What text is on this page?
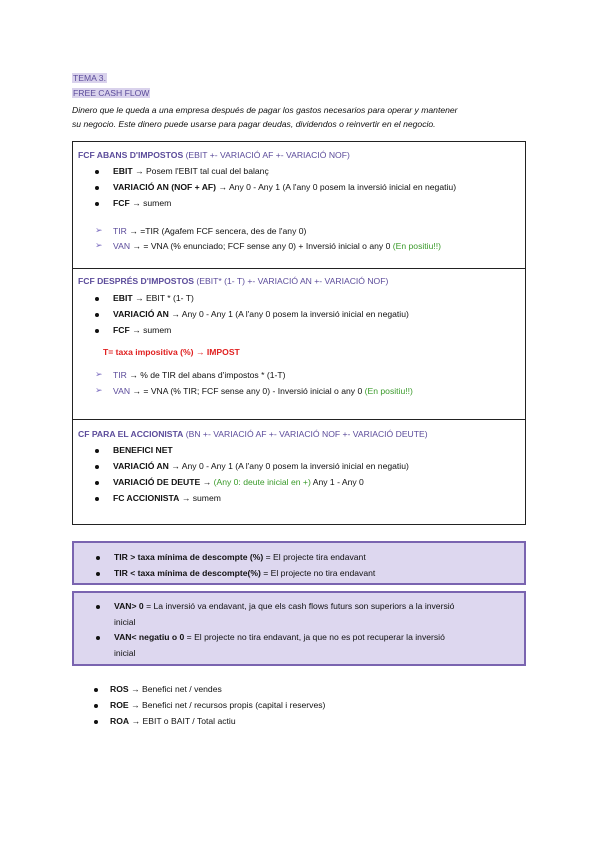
TEMA 3.
FREE CASH FLOW
Dinero que le queda a una empresa después de pagar los gastos necesarios para operar y mantener
su negocio. Este dinero puede usarse para pagar deudas, dividendos o reinvertir en el negocio.
FCF ABANS D'IMPOSTOS (EBIT +- VARIACIÓ AF +- VARIACIÓ NOF)
EBIT → Posem l'EBIT tal cual del balanç
VARIACIÓ AN (NOF + AF) → Any 0 - Any 1 (A l'any 0 posem la inversió inicial en negatiu)
FCF → sumem
➢ TIR → =TIR (Agafem FCF sencera, des de l'any 0)
➢ VAN → = VNA (% enunciado; FCF sense any 0) + Inversió inicial o any 0 (En positiu!!)
FCF DESPRÉS D'IMPOSTOS (EBIT* (1- T) +- VARIACIÓ AN +- VARIACIÓ NOF)
EBIT → EBIT * (1- T)
VARIACIÓ AN → Any 0 - Any 1 (A l'any 0 posem la inversió inicial en negatiu)
FCF → sumem
T= taxa impositiva (%) → IMPOST
➢ TIR → % de TIR del abans d'impostos * (1-T)
➢ VAN → = VNA (% TIR; FCF sense any 0) - Inversió inicial o any 0 (En positiu!!)
CF PARA EL ACCIONISTA (BN +- VARIACIÓ AF +- VARIACIÓ NOF +- VARIACIÓ DEUTE)
BENEFICI NET
VARIACIÓ AN → Any 0 - Any 1 (A l'any 0 posem la inversió inicial en negatiu)
VARIACIÓ DE DEUTE → (Any 0: deute inicial en +) Any 1 - Any 0
FC ACCIONISTA → sumem
TIR > taxa mínima de descompte (%) = El projecte tira endavant
TIR < taxa mínima de descompte(%) = El projecte no tira endavant
VAN> 0 = La inversió va endavant, ja que els cash flows futurs son superiors a la inversió
inicial
VAN< negatiu o 0 = El projecte no tira endavant, ja que no es pot recuperar la inversió
inicial
ROS → Benefici net / vendes
ROE → Benefici net / recursos propis (capital i reserves)
ROA → EBIT o BAIT / Total actiu
